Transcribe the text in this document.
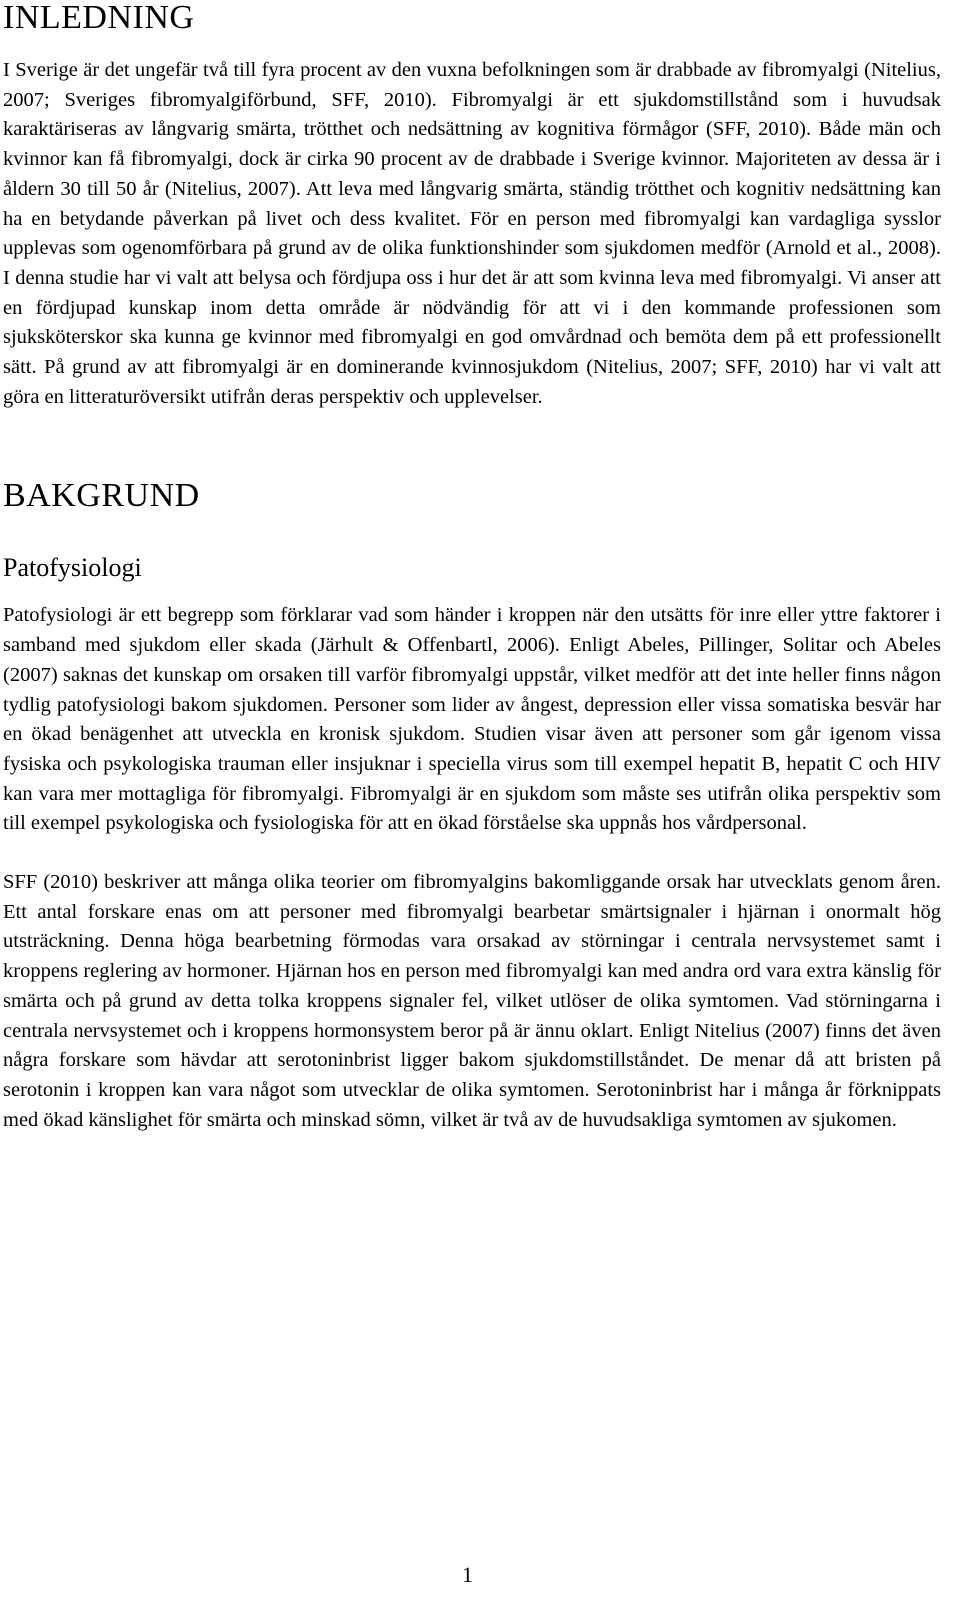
INLEDNING

I Sverige är det ungefär två till fyra procent av den vuxna befolkningen som är drabbade av fibromyalgi (Nitelius, 2007; Sveriges fibromyalgiförbund, SFF, 2010). Fibromyalgi är ett sjukdomstillstånd som i huvudsak karaktäriseras av långvarig smärta, trötthet och nedsättning av kognitiva förmågor (SFF, 2010). Både män och kvinnor kan få fibromyalgi, dock är cirka 90 procent av de drabbade i Sverige kvinnor. Majoriteten av dessa är i åldern 30 till 50 år (Nitelius, 2007). Att leva med långvarig smärta, ständig trötthet och kognitiv nedsättning kan ha en betydande påverkan på livet och dess kvalitet. För en person med fibromyalgi kan vardagliga sysslor upplevas som ogenomförbara på grund av de olika funktionshinder som sjukdomen medför (Arnold et al., 2008). I denna studie har vi valt att belysa och fördjupa oss i hur det är att som kvinna leva med fibromyalgi. Vi anser att en fördjupad kunskap inom detta område är nödvändig för att vi i den kommande professionen som sjuksköterskor ska kunna ge kvinnor med fibromyalgi en god omvårdnad och bemöta dem på ett professionellt sätt. På grund av att fibromyalgi är en dominerande kvinnosjukdom (Nitelius, 2007; SFF, 2010) har vi valt att göra en litteraturöversikt utifrån deras perspektiv och upplevelser.

BAKGRUND
Patofysiologi

Patofysiologi är ett begrepp som förklarar vad som händer i kroppen när den utsätts för inre eller yttre faktorer i samband med sjukdom eller skada (Järhult & Offenbartl, 2006). Enligt Abeles, Pillinger, Solitar och Abeles (2007) saknas det kunskap om orsaken till varför fibromyalgi uppstår, vilket medför att det inte heller finns någon tydlig patofysiologi bakom sjukdomen. Personer som lider av ångest, depression eller vissa somatiska besvär har en ökad benägenhet att utveckla en kronisk sjukdom. Studien visar även att personer som går igenom vissa fysiska och psykologiska trauman eller insjuknar i speciella virus som till exempel hepatit B, hepatit C och HIV kan vara mer mottagliga för fibromyalgi. Fibromyalgi är en sjukdom som måste ses utifrån olika perspektiv som till exempel psykologiska och fysiologiska för att en ökad förståelse ska uppnås hos vårdpersonal.

SFF (2010) beskriver att många olika teorier om fibromyalgins bakomliggande orsak har utvecklats genom åren. Ett antal forskare enas om att personer med fibromyalgi bearbetar smärtsignaler i hjärnan i onormalt hög utsträckning. Denna höga bearbetning förmodas vara orsakad av störningar i centrala nervsystemet samt i kroppens reglering av hormoner. Hjärnan hos en person med fibromyalgi kan med andra ord vara extra känslig för smärta och på grund av detta tolka kroppens signaler fel, vilket utlöser de olika symtomen. Vad störningarna i centrala nervsystemet och i kroppens hormonsystem beror på är ännu oklart. Enligt Nitelius (2007) finns det även några forskare som hävdar att serotoninbrist ligger bakom sjukdomstillståndet. De menar då att bristen på serotonin i kroppen kan vara något som utvecklar de olika symtomen. Serotoninbrist har i många år förknippats med ökad känslighet för smärta och minskad sömn, vilket är två av de huvudsakliga symtomen av sjukomen.

1
